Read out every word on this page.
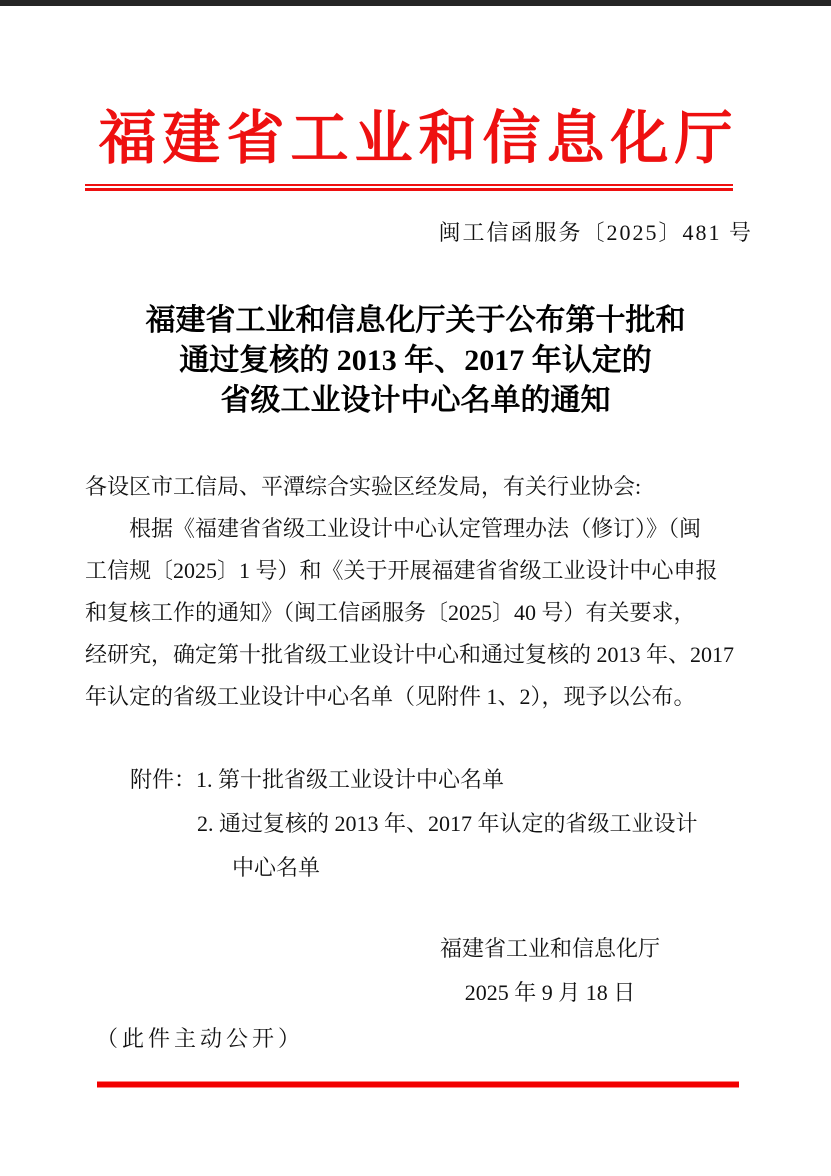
福建省工业和信息化厅
闽工信函服务〔2025〕481 号
福建省工业和信息化厅关于公布第十批和
通过复核的 2013 年、2017 年认定的
省级工业设计中心名单的通知
各设区市工信局、平潭综合实验区经发局，有关行业协会:
根据《福建省省级工业设计中心认定管理办法（修订）》（闽
工信规〔2025〕1 号）和《关于开展福建省省级工业设计中心申报
和复核工作的通知》（闽工信函服务〔2025〕40 号）有关要求，
经研究，确定第十批省级工业设计中心和通过复核的 2013 年、2017
年认定的省级工业设计中心名单（见附件 1、2），现予以公布。
附件：1. 第十批省级工业设计中心名单
2. 通过复核的 2013 年、2017 年认定的省级工业设计
中心名单
福建省工业和信息化厅
2025 年 9 月 18 日
（此件主动公开）
